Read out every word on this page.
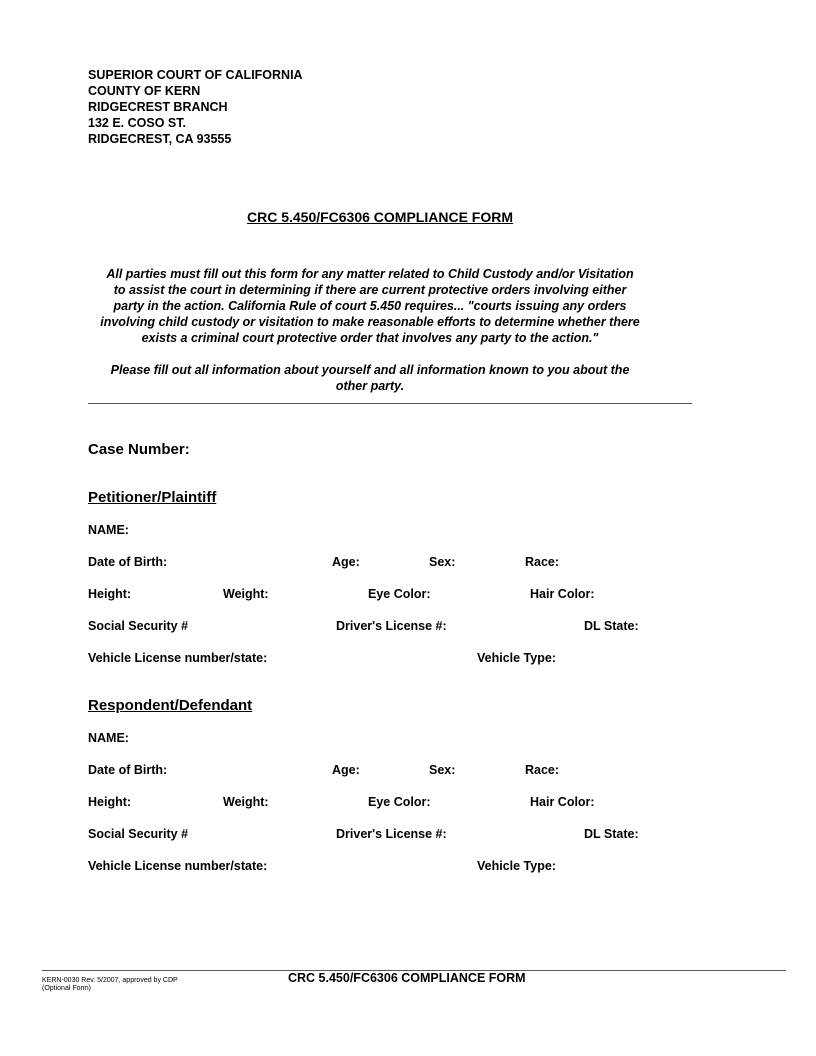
SUPERIOR COURT OF CALIFORNIA
COUNTY OF KERN
RIDGECREST BRANCH
132 E. COSO ST.
RIDGECREST, CA 93555
CRC 5.450/FC6306 COMPLIANCE FORM
All parties must fill out this form for any matter related to Child Custody and/or Visitation
to assist the court in determining if there are current protective orders involving either
party in the action. California Rule of court 5.450 requires... "courts issuing any orders
involving child custody or visitation to make reasonable efforts to determine whether there
exists a criminal court protective order that involves any party to the action."
Please fill out all information about yourself and all information known to you about the
other party.
Case Number:
Petitioner/Plaintiff
NAME:
Date of Birth:	Age:	Sex:	Race:
Height:	Weight:	Eye Color:	Hair Color:
Social Security #	Driver's License #:	DL State:
Vehicle License number/state:	Vehicle Type:
Respondent/Defendant
NAME:
Date of Birth:	Age:	Sex:	Race:
Height:	Weight:	Eye Color:	Hair Color:
Social Security #	Driver's License #:	DL State:
Vehicle License number/state:	Vehicle Type:
KERN-0030 Rev. 5/2007, approved by CDP
(Optional Form)
CRC 5.450/FC6306 COMPLIANCE FORM
